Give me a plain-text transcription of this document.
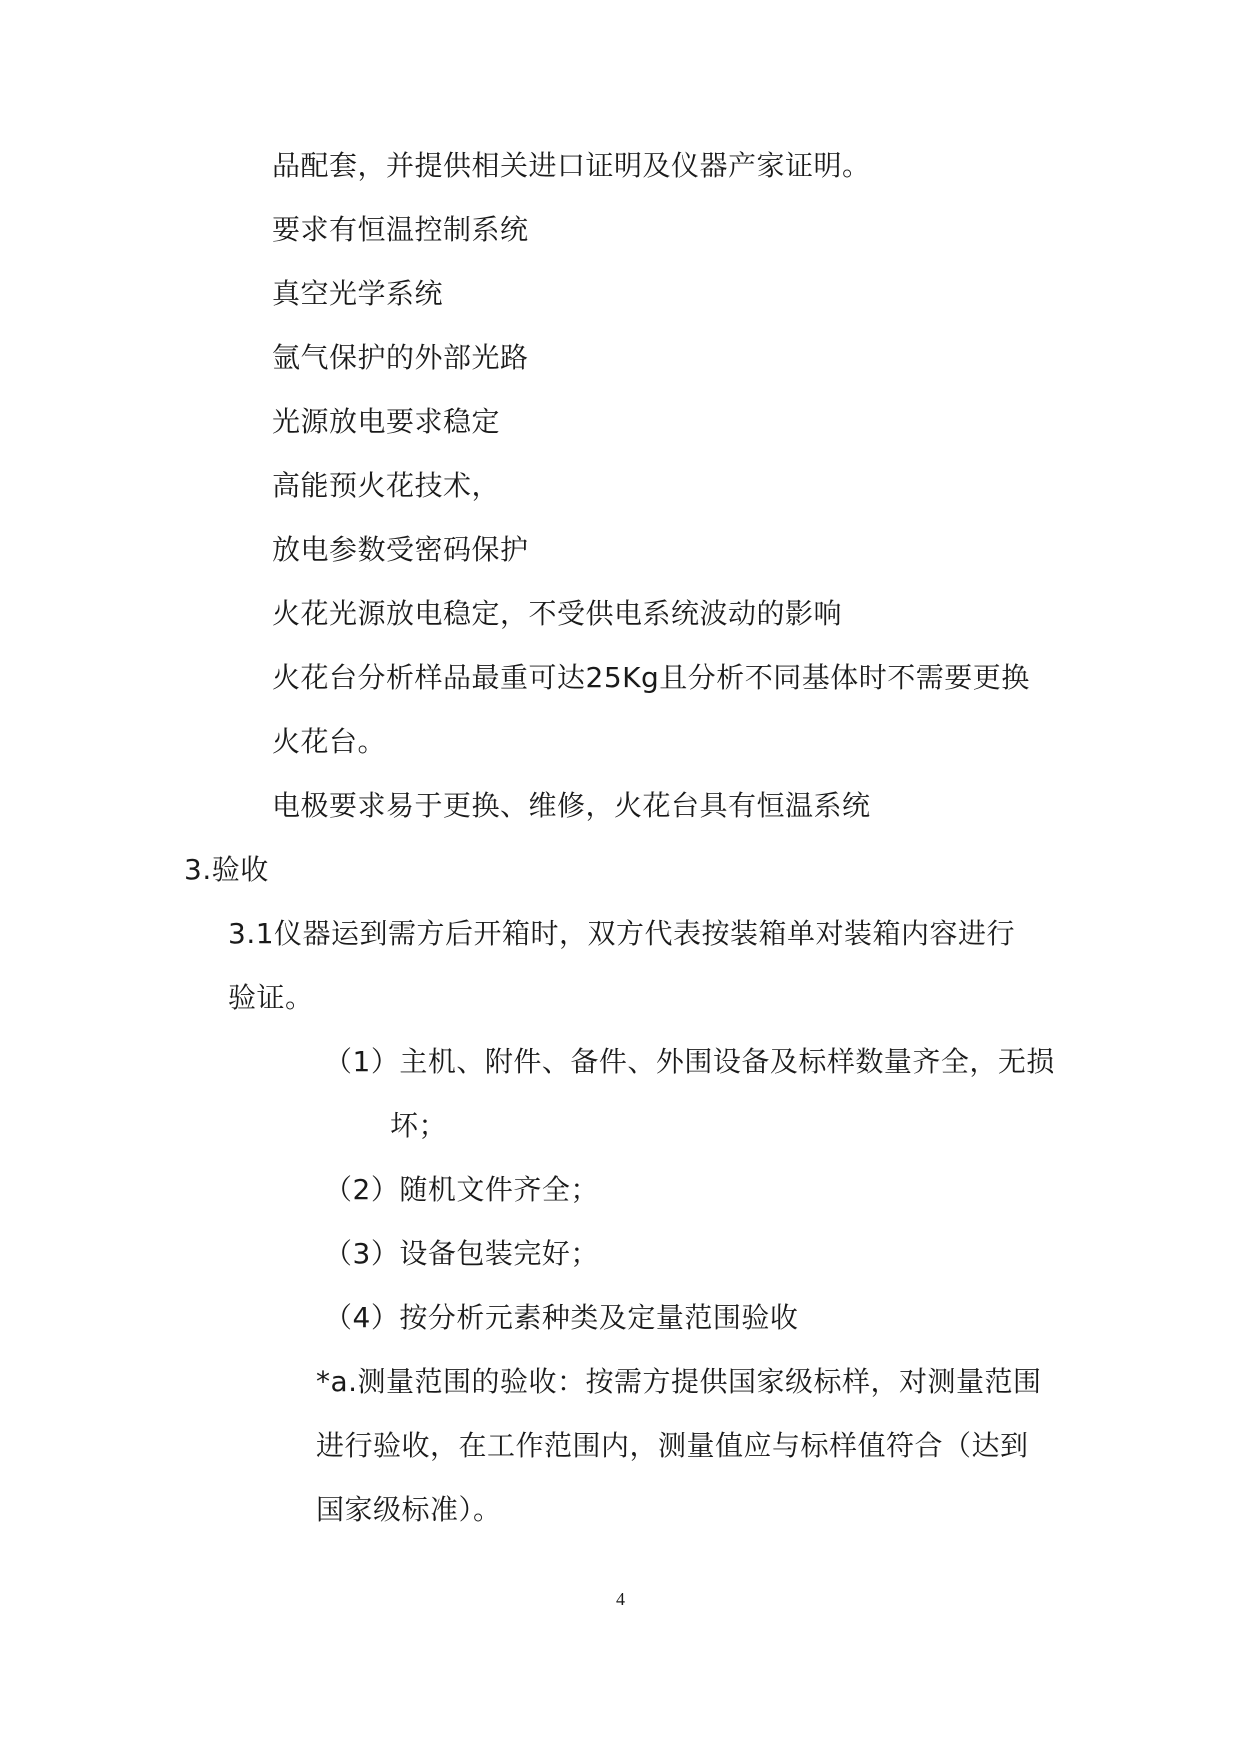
品配套，并提供相关进口证明及仪器产家证明。
要求有恒温控制系统
真空光学系统
氩气保护的外部光路
光源放电要求稳定
高能预火花技术，
放电参数受密码保护
火花光源放电稳定，不受供电系统波动的影响
火花台分析样品最重可达25Kg且分析不同基体时不需要更换
火花台。
电极要求易于更换、维修，火花台具有恒温系统
3.验收
3.1仪器运到需方后开箱时，双方代表按装箱单对装箱内容进行
验证。
（1）主机、附件、备件、外围设备及标样数量齐全，无损
坏；
（2）随机文件齐全；
（3）设备包装完好；
（4）按分析元素种类及定量范围验收
*a.测量范围的验收：按需方提供国家级标样，对测量范围
进行验收，在工作范围内，测量值应与标样值符合（达到
国家级标准）。
4
